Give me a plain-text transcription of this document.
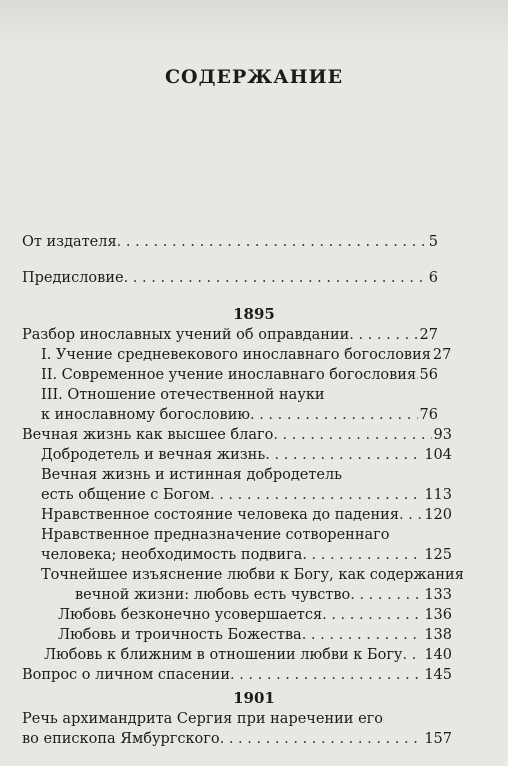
СОДЕРЖАНИЕ
От издателя . . .	5
Предисловие . . .	6
1895
Разбор инославных учений об оправдании . . .	27
I. Учение средневекового инославнаго богословия 27
II. Современное учение инославнаго богословия . . . 56
III. Отношение отечественной науки
к инославному богословию . . .	76
Вечная жизнь как высшее благо . . .	93
Добродетель и вечная жизнь . . .	104
Вечная жизнь и истинная добродетель
есть общение с Богом . . .	113
Нравственное состояние человека до падения . . . 120
Нравственное предназначение сотвореннаго
человека; необходимость подвига . . .	125
Точнейшее изъяснение любви к Богу, как содержания
вечной жизни: любовь есть чувство . . .	133
Любовь безконечно усовершается . . .	136
Любовь и троичность Божества . . .	138
Любовь к ближним в отношении любви к Богу . . . 140
Вопрос о личном спасении . . .	145
1901
Речь архимандрита Сергия при наречении его
во епископа Ямбургского . . .	157
